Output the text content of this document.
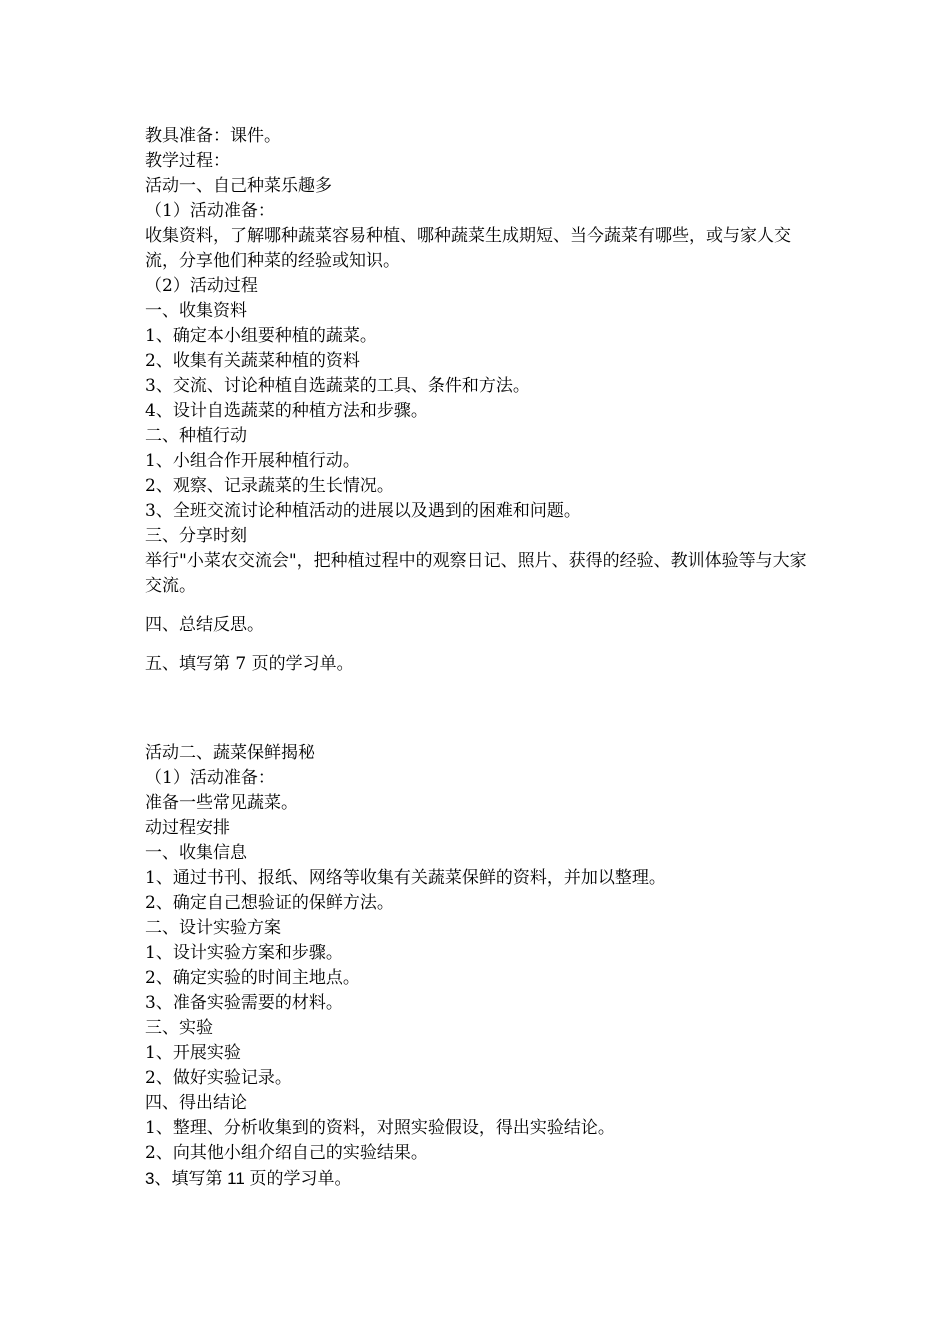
教具准备：课件。
教学过程：
活动一、自己种菜乐趣多
（1）活动准备：
收集资料，了解哪种蔬菜容易种植、哪种蔬菜生成期短、当今蔬菜有哪些，或与家人交流，分享他们种菜的经验或知识。
（2）活动过程
一、收集资料
1、确定本小组要种植的蔬菜。
2、收集有关蔬菜种植的资料
3、交流、讨论种植自选蔬菜的工具、条件和方法。
4、设计自选蔬菜的种植方法和步骤。
二、种植行动
1、小组合作开展种植行动。
2、观察、记录蔬菜的生长情况。
3、全班交流讨论种植活动的进展以及遇到的困难和问题。
三、分享时刻
举行"小菜农交流会"，把种植过程中的观察日记、照片、获得的经验、教训体验等与大家交流。
四、总结反思。
五、填写第 7 页的学习单。
活动二、蔬菜保鲜揭秘
（1）活动准备：
准备一些常见蔬菜。
动过程安排
一、收集信息
1、通过书刊、报纸、网络等收集有关蔬菜保鲜的资料，并加以整理。
2、确定自己想验证的保鲜方法。
二、设计实验方案
1、设计实验方案和步骤。
2、确定实验的时间主地点。
3、准备实验需要的材料。
三、实验
1、开展实验
2、做好实验记录。
四、得出结论
1、整理、分析收集到的资料，对照实验假设，得出实验结论。
2、向其他小组介绍自己的实验结果。
3、填写第 11 页的学习单。
